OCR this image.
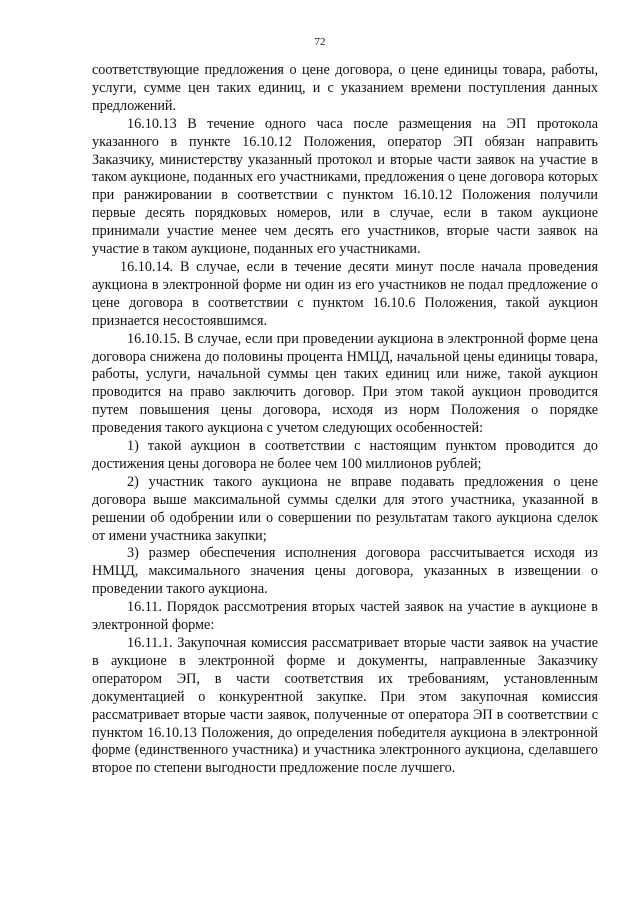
72

соответствующие предложения о цене договора, о цене единицы товара, работы, услуги, сумме цен таких единиц, и с указанием времени поступления данных предложений.

16.10.13 В течение одного часа после размещения на ЭП протокола указанного в пункте 16.10.12 Положения, оператор ЭП обязан направить Заказчику, министерству указанный протокол и вторые части заявок на участие в таком аукционе, поданных его участниками, предложения о цене договора которых при ранжировании в соответствии с пунктом 16.10.12 Положения получили первые десять порядковых номеров, или в случае, если в таком аукционе принимали участие менее чем десять его участников, вторые части заявок на участие в таком аукционе, поданных его участниками.

16.10.14. В случае, если в течение десяти минут после начала проведения аукциона в электронной форме ни один из его участников не подал предложение о цене договора в соответствии с пунктом 16.10.6 Положения, такой аукцион признается несостоявшимся.

16.10.15. В случае, если при проведении аукциона в электронной форме цена договора снижена до половины процента НМЦД, начальной цены единицы товара, работы, услуги, начальной суммы цен таких единиц или ниже, такой аукцион проводится на право заключить договор. При этом такой аукцион проводится путем повышения цены договора, исходя из норм Положения о порядке проведения такого аукциона с учетом следующих особенностей:

1) такой аукцион в соответствии с настоящим пунктом проводится до достижения цены договора не более чем 100 миллионов рублей;

2) участник такого аукциона не вправе подавать предложения о цене договора выше максимальной суммы сделки для этого участника, указанной в решении об одобрении или о совершении по результатам такого аукциона сделок от имени участника закупки;

3) размер обеспечения исполнения договора рассчитывается исходя из НМЦД, максимального значения цены договора, указанных в извещении о проведении такого аукциона.

16.11. Порядок рассмотрения вторых частей заявок на участие в аукционе в электронной форме:

16.11.1. Закупочная комиссия рассматривает вторые части заявок на участие в аукционе в электронной форме и документы, направленные Заказчику оператором ЭП, в части соответствия их требованиям, установленным документацией о конкурентной закупке. При этом закупочная комиссия рассматривает вторые части заявок, полученные от оператора ЭП в соответствии с пунктом 16.10.13 Положения, до определения победителя аукциона в электронной форме (единственного участника) и участника электронного аукциона, сделавшего второе по степени выгодности предложение после лучшего.
